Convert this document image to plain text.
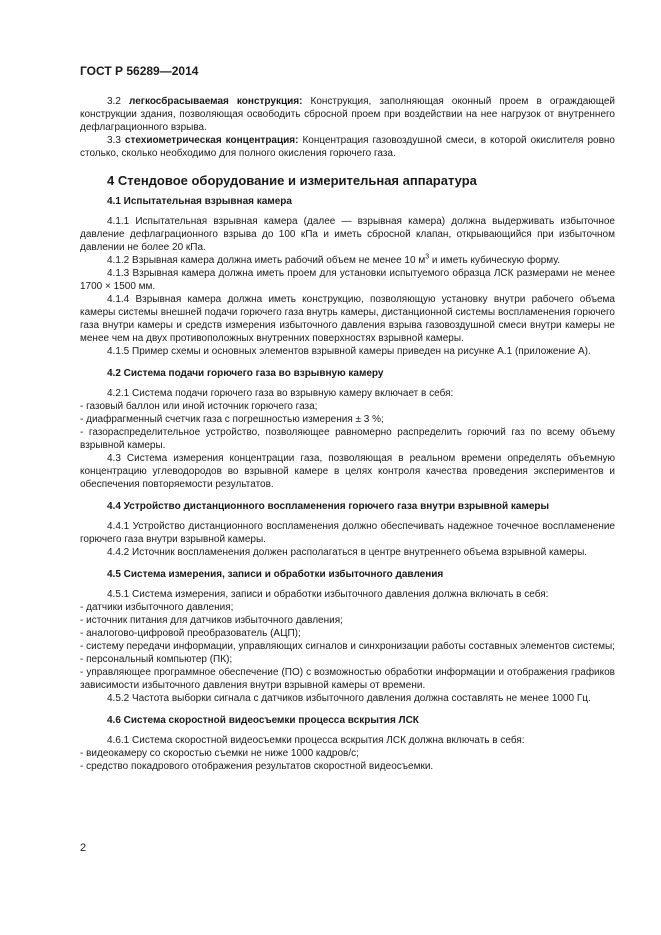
ГОСТ Р 56289—2014

3.2 легкосбрасываемая конструкция: Конструкция, заполняющая оконный проем в ограждающей конструкции здания, позволяющая освободить сбросной проем при воздействии на нее нагрузок от внутреннего дефлаграционного взрыва.

3.3 стехиометрическая концентрация: Концентрация газовоздушной смеси, в которой окислителя ровно столько, сколько необходимо для полного окисления горючего газа.

4 Стендовое оборудование и измерительная аппаратура
4.1 Испытательная взрывная камера

4.1.1 Испытательная взрывная камера (далее — взрывная камера) должна выдерживать избыточное давление дефлаграционного взрыва до 100 кПа и иметь сбросной клапан, открывающийся при избыточном давлении не более 20 кПа.

4.1.2 Взрывная камера должна иметь рабочий объем не менее 10 $м^3$ и иметь кубическую форму.

4.1.3 Взрывная камера должна иметь проем для установки испытуемого образца ЛСК размерами не менее 1700 × 1500 мм.

4.1.4 Взрывная камера должна иметь конструкцию, позволяющую установку внутри рабочего объема камеры системы внешней подачи горючего газа внутрь камеры, дистанционной системы воспламенения горючего газа внутри камеры и средств измерения избыточного давления взрыва газовоздушной смеси внутри камеры не менее чем на двух противоположных внутренних поверхностях взрывной камеры.

4.1.5 Пример схемы и основных элементов взрывной камеры приведен на рисунке А.1 (приложение А).

4.2 Система подачи горючего газа во взрывную камеру

4.2.1 Система подачи горючего газа во взрывную камеру включает в себя:

- газовый баллон или иной источник горючего газа;

- диафрагменный счетчик газа с погрешностью измерения ± 3 %;

- газораспределительное устройство, позволяющее равномерно распределить горючий газ по всему объему взрывной камеры.

4.3 Система измерения концентрации газа, позволяющая в реальном времени определять объемную концентрацию углеводородов во взрывной камере в целях контроля качества проведения экспериментов и обеспечения повторяемости результатов.

4.4 Устройство дистанционного воспламенения горючего газа внутри взрывной камеры

4.4.1 Устройство дистанционного воспламенения должно обеспечивать надежное точечное воспламенение горючего газа внутри взрывной камеры.

4.4.2 Источник воспламенения должен располагаться в центре внутреннего объема взрывной камеры.

4.5 Система измерения, записи и обработки избыточного давления

4.5.1 Система измерения, записи и обработки избыточного давления должна включать в себя:

- датчики избыточного давления;

- источник питания для датчиков избыточного давления;

- аналогово-цифровой преобразователь (АЦП);

- систему передачи информации, управляющих сигналов и синхронизации работы составных элементов системы;

- персональный компьютер (ПК);

- управляющее программное обеспечение (ПО) с возможностью обработки информации и отображения графиков зависимости избыточного давления внутри взрывной камеры от времени.

4.5.2 Частота выборки сигнала с датчиков избыточного давления должна составлять не менее 1000 Гц.

4.6 Система скоростной видеосъемки процесса вскрытия ЛСК

4.6.1 Система скоростной видеосъемки процесса вскрытия ЛСК должна включать в себя:

- видеокамеру со скоростью съемки не ниже 1000 кадров/с;

- средство покадрового отображения результатов скоростной видеосъемки.

2
